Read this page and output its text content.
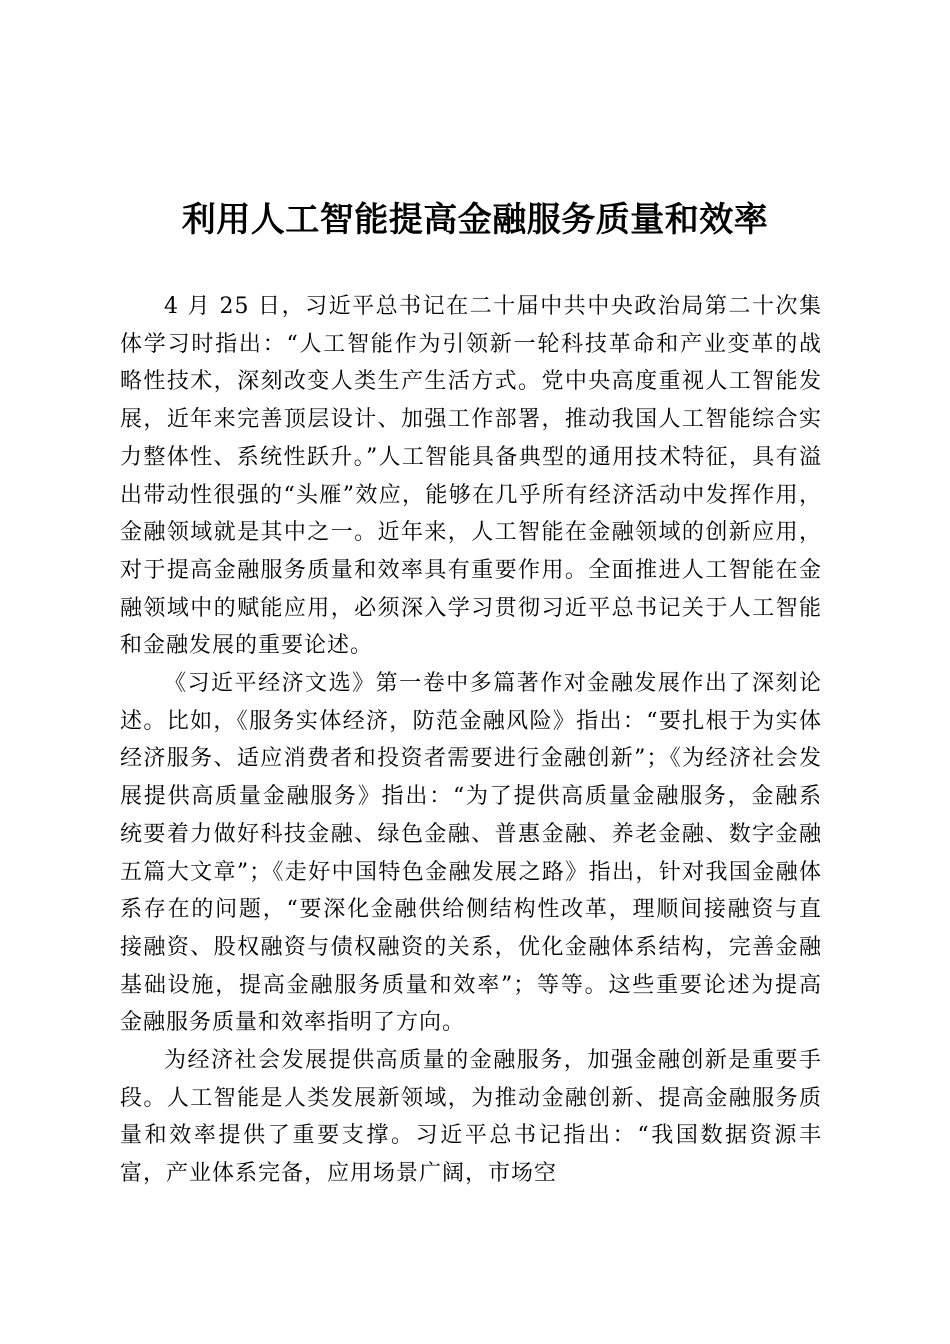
利用人工智能提高金融服务质量和效率

4 月 25 日，习近平总书记在二十届中共中央政治局第二十次集体学习时指出：“人工智能作为引领新一轮科技革命和产业变革的战略性技术，深刻改变人类生产生活方式。党中央高度重视人工智能发展，近年来完善顶层设计、加强工作部署，推动我国人工智能综合实力整体性、系统性跃升。”人工智能具备典型的通用技术特征，具有溢出带动性很强的“头雁”效应，能够在几乎所有经济活动中发挥作用，金融领域就是其中之一。近年来，人工智能在金融领域的创新应用，对于提高金融服务质量和效率具有重要作用。全面推进人工智能在金融领域中的赋能应用，必须深入学习贯彻习近平总书记关于人工智能和金融发展的重要论述。

《习近平经济文选》第一卷中多篇著作对金融发展作出了深刻论述。比如，《服务实体经济，防范金融风险》指出：“要扎根于为实体经济服务、适应消费者和投资者需要进行金融创新”；《为经济社会发展提供高质量金融服务》指出：“为了提供高质量金融服务，金融系统要着力做好科技金融、绿色金融、普惠金融、养老金融、数字金融五篇大文章”；《走好中国特色金融发展之路》指出，针对我国金融体系存在的问题，“要深化金融供给侧结构性改革，理顺间接融资与直接融资、股权融资与债权融资的关系，优化金融体系结构，完善金融基础设施，提高金融服务质量和效率”；等等。这些重要论述为提高金融服务质量和效率指明了方向。

为经济社会发展提供高质量的金融服务，加强金融创新是重要手段。人工智能是人类发展新领域，为推动金融创新、提高金融服务质量和效率提供了重要支撑。习近平总书记指出：“我国数据资源丰富，产业体系完备，应用场景广阔，市场空
